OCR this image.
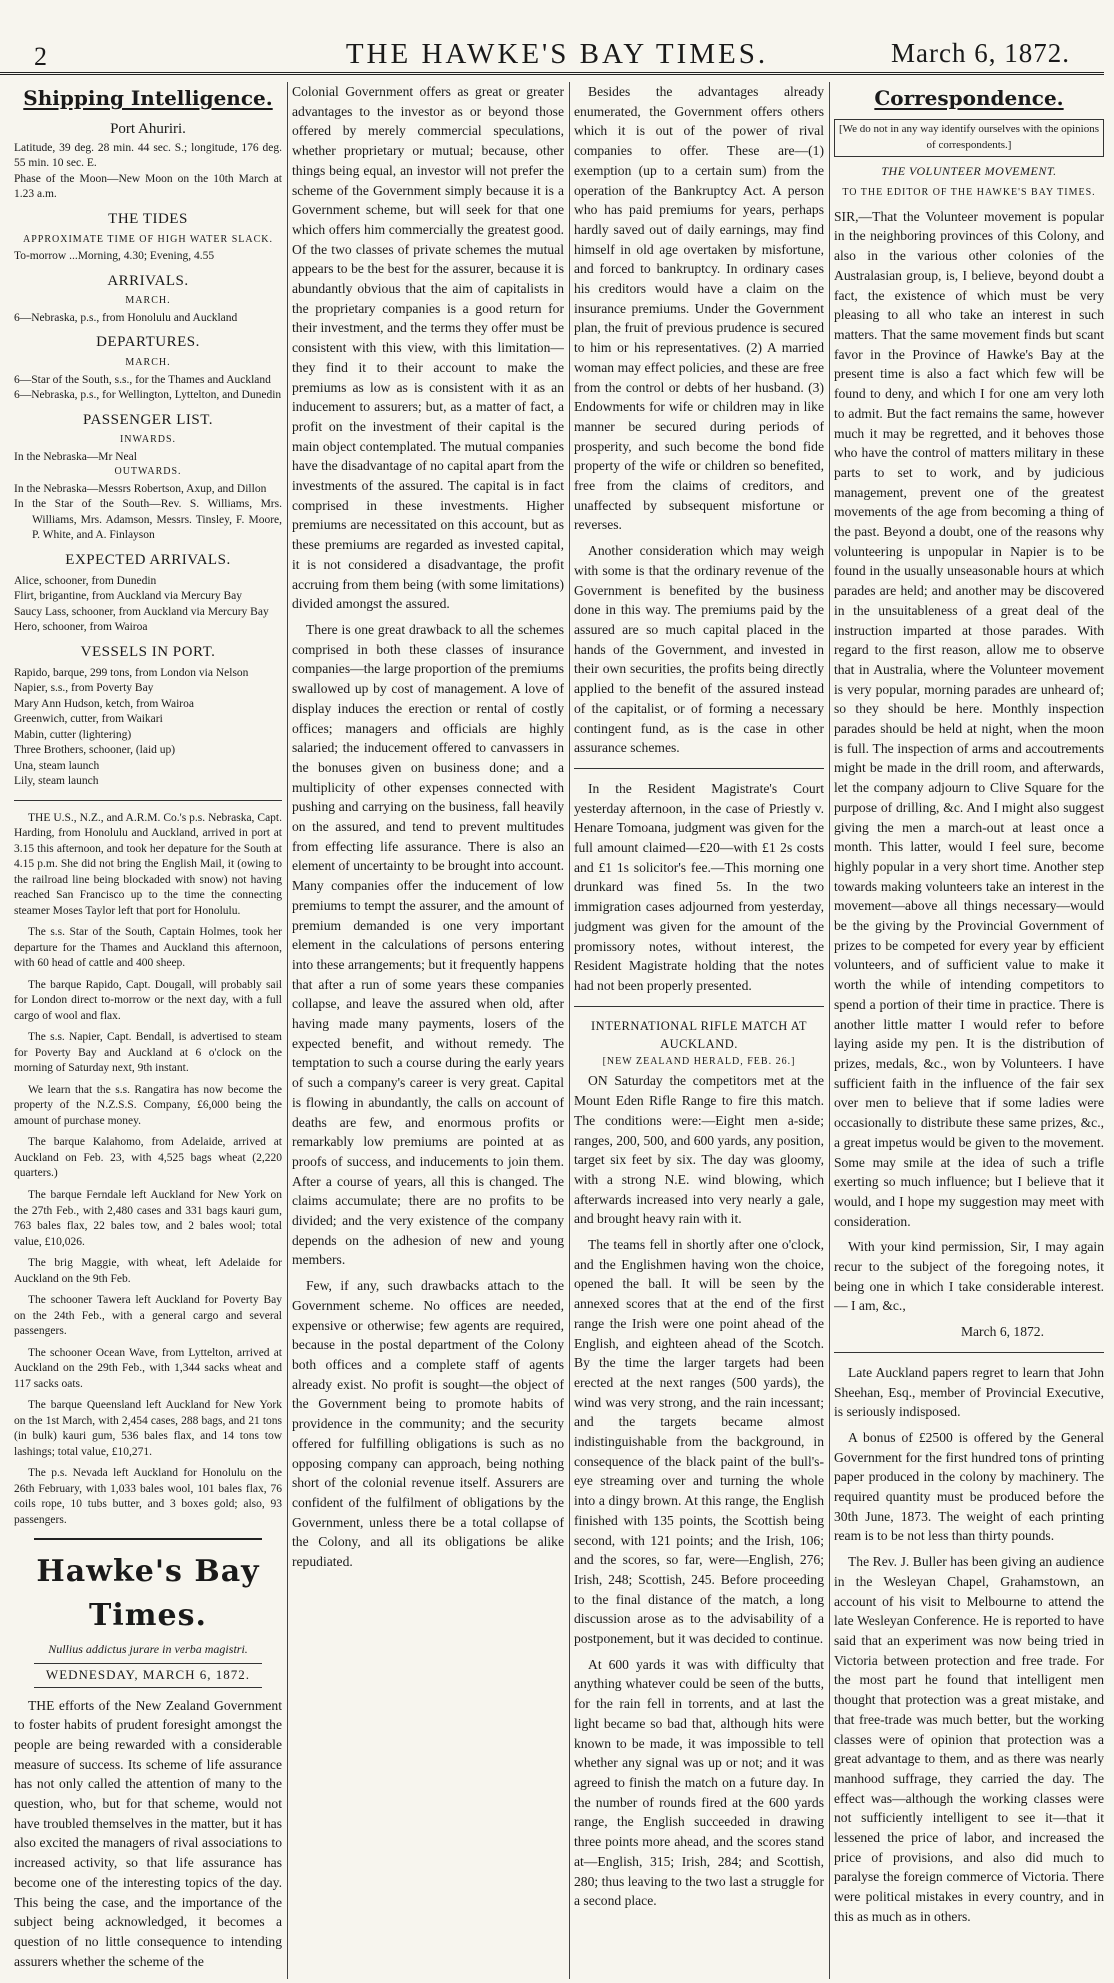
2	THE HAWKE'S BAY TIMES.	March 6, 1872.
Shipping Intelligence.
Port Ahuriri.
Latitude, 39 deg. 28 min. 44 sec. S.; longitude, 176 deg. 55 min. 10 sec. E.
Phase of the Moon—New Moon on the 10th March at 1.23 a.m.
THE TIDES
APPROXIMATE TIME OF HIGH WATER SLACK.
To-morrow ...Morning, 4.30; Evening, 4.55
ARRIVALS.
MARCH.
6—Nebraska, p.s., from Honolulu and Auckland
DEPARTURES.
MARCH.
6—Star of the South, s.s., for the Thames and Auckland
6—Nebraska, p.s., for Wellington, Lyttelton, and Dunedin
PASSENGER LIST.
INWARDS.
In the Nebraska—Mr Neal
OUTWARDS.
In the Nebraska—Messrs Robertson, Axup, and Dillon
In the Star of the South—Rev. S. Williams, Mrs. Williams, Mrs. Adamson, Messrs. Tinsley, F. Moore, P. White, and A. Finlayson
EXPECTED ARRIVALS.
Alice, schooner, from Dunedin
Flirt, brigantine, from Auckland via Mercury Bay
Saucy Lass, schooner, from Auckland via Mercury Bay
Hero, schooner, from Wairoa
VESSELS IN PORT.
Rapido, barque, 299 tons, from London via Nelson
Napier, s.s., from Poverty Bay
Mary Ann Hudson, ketch, from Wairoa
Greenwich, cutter, from Waikari
Mabin, cutter (lightering)
Three Brothers, schooner, (laid up)
Una, steam launch
Lily, steam launch

THE U.S., N.Z., and A.R.M. Co.'s p.s. Nebraska, Capt. Harding, from Honolulu and Auckland, arrived in port at 3.15 this afternoon, and took her depature for the South at 4.15 p.m. She did not bring the English Mail, it (owing to the railroad line being blockaded with snow) not having reached San Francisco up to the time the connecting steamer Moses Taylor left that port for Honolulu.

The s.s. Star of the South, Captain Holmes, took her departure for the Thames and Auckland this afternoon, with 60 head of cattle and 400 sheep.

The barque Rapido, Capt. Dougall, will probably sail for London direct to-morrow or the next day, with a full cargo of wool and flax.

The s.s. Napier, Capt. Bendall, is advertised to steam for Poverty Bay and Auckland at 6 o'clock on the morning of Saturday next, 9th instant.

We learn that the s.s. Rangatira has now become the property of the N.Z.S.S. Company, £6,000 being the amount of purchase money.

The barque Kalahomo, from Adelaide, arrived at Auckland on Feb. 23, with 4,525 bags wheat (2,220 quarters.)

The barque Ferndale left Auckland for New York on the 27th Feb., with 2,480 cases and 331 bags kauri gum, 763 bales flax, 22 bales tow, and 2 bales wool; total value, £10,026.

The brig Maggie, with wheat, left Adelaide for Auckland on the 9th Feb.

The schooner Tawera left Auckland for Poverty Bay on the 24th Feb., with a general cargo and several passengers.

The schooner Ocean Wave, from Lyttelton, arrived at Auckland on the 29th Feb., with 1,344 sacks wheat and 117 sacks oats.

The barque Queensland left Auckland for New York on the 1st March, with 2,454 cases, 288 bags, and 21 tons (in bulk) kauri gum, 536 bales flax, and 14 tons tow lashings; total value, £10,271.

The p.s. Nevada left Auckland for Honolulu on the 26th February, with 1,033 bales wool, 101 bales flax, 76 coils rope, 10 tubs butter, and 3 boxes gold; also, 93 passengers.

Hawke's Bay Times.
Nullius addictus jurare in verba magistri.
WEDNESDAY, MARCH 6, 1872.

THE efforts of the New Zealand Government to foster habits of prudent foresight amongst the people are being rewarded with a considerable measure of success. Its scheme of life assurance has not only called the attention of many to the question, who, but for that scheme, would not have troubled themselves in the matter, but it has also excited the managers of rival associations to increased activity, so that life assurance has become one of the interesting topics of the day. This being the case, and the importance of the subject being acknowledged, it becomes a question of no little consequence to intending assurers whether the scheme of the

Colonial Government offers as great or greater advantages to the investor as or beyond those offered by merely commercial speculations, whether proprietary or mutual; because, other things being equal, an investor will not prefer the scheme of the Government simply because it is a Government scheme, but will seek for that one which offers him commercially the greatest good. Of the two classes of private schemes the mutual appears to be the best for the assurer, because it is abundantly obvious that the aim of capitalists in the proprietary companies is a good return for their investment, and the terms they offer must be consistent with this view, with this limitation—they find it to their account to make the premiums as low as is consistent with it as an inducement to assurers; but, as a matter of fact, a profit on the investment of their capital is the main object contemplated. The mutual companies have the disadvantage of no capital apart from the investments of the assured. The capital is in fact comprised in these investments. Higher premiums are necessitated on this account, but as these premiums are regarded as invested capital, it is not considered a disadvantage, the profit accruing from them being (with some limitations) divided amongst the assured.

There is one great drawback to all the schemes comprised in both these classes of insurance companies—the large proportion of the premiums swallowed up by cost of management. A love of display induces the erection or rental of costly offices; managers and officials are highly salaried; the inducement offered to canvassers in the bonuses given on business done; and a multiplicity of other expenses connected with pushing and carrying on the business, fall heavily on the assured, and tend to prevent multitudes from effecting life assurance. There is also an element of uncertainty to be brought into account. Many companies offer the inducement of low premiums to tempt the assurer, and the amount of premium demanded is one very important element in the calculations of persons entering into these arrangements; but it frequently happens that after a run of some years these companies collapse, and leave the assured when old, after having made many payments, losers of the expected benefit, and without remedy. The temptation to such a course during the early years of such a company's career is very great. Capital is flowing in abundantly, the calls on account of deaths are few, and enormous profits or remarkably low premiums are pointed at as proofs of success, and inducements to join them. After a course of years, all this is changed. The claims accumulate; there are no profits to be divided; and the very existence of the company depends on the adhesion of new and young members.

Few, if any, such drawbacks attach to the Government scheme. No offices are needed, expensive or otherwise; few agents are required, because in the postal department of the Colony both offices and a complete staff of agents already exist. No profit is sought—the object of the Government being to promote habits of providence in the community; and the security offered for fulfilling obligations is such as no opposing company can approach, being nothing short of the colonial revenue itself. Assurers are confident of the fulfilment of obligations by the Government, unless there be a total collapse of the Colony, and all its obligations be alike repudiated.

Besides the advantages already enumerated, the Government offers others which it is out of the power of rival companies to offer. These are—(1) exemption (up to a certain sum) from the operation of the Bankruptcy Act. A person who has paid premiums for years, perhaps hardly saved out of daily earnings, may find himself in old age overtaken by misfortune, and forced to bankruptcy. In ordinary cases his creditors would have a claim on the insurance premiums. Under the Government plan, the fruit of previous prudence is secured to him or his representatives. (2) A married woman may effect policies, and these are free from the control or debts of her husband. (3) Endowments for wife or children may in like manner be secured during periods of prosperity, and such become the bond fide property of the wife or children so benefited, free from the claims of creditors, and unaffected by subsequent misfortune or reverses.

Another consideration which may weigh with some is that the ordinary revenue of the Government is benefited by the business done in this way. The premiums paid by the assured are so much capital placed in the hands of the Government, and invested in their own securities, the profits being directly applied to the benefit of the assured instead of the capitalist, or of forming a necessary contingent fund, as is the case in other assurance schemes.

In the Resident Magistrate's Court yesterday afternoon, in the case of Priestly v. Henare Tomoana, judgment was given for the full amount claimed—£20—with £1 2s costs and £1 1s solicitor's fee.—This morning one drunkard was fined 5s. In the two immigration cases adjourned from yesterday, judgment was given for the amount of the promissory notes, without interest, the Resident Magistrate holding that the notes had not been properly presented.

INTERNATIONAL RIFLE MATCH AT AUCKLAND.
[NEW ZEALAND HERALD, FEB. 26.]

ON Saturday the competitors met at the Mount Eden Rifle Range to fire this match. The conditions were:—Eight men a-side; ranges, 200, 500, and 600 yards, any position, target six feet by six. The day was gloomy, with a strong N.E. wind blowing, which afterwards increased into very nearly a gale, and brought heavy rain with it.

The teams fell in shortly after one o'clock, and the Englishmen having won the choice, opened the ball. It will be seen by the annexed scores that at the end of the first range the Irish were one point ahead of the English, and eighteen ahead of the Scotch. By the time the larger targets had been erected at the next ranges (500 yards), the wind was very strong, and the rain incessant; and the targets became almost indistinguishable from the background, in consequence of the black paint of the bull's-eye streaming over and turning the whole into a dingy brown. At this range, the English finished with 135 points, the Scottish being second, with 121 points; and the Irish, 106; and the scores, so far, were—English, 276; Irish, 248; Scottish, 245. Before proceeding to the final distance of the match, a long discussion arose as to the advisability of a postponement, but it was decided to continue.

At 600 yards it was with difficulty that anything whatever could be seen of the butts, for the rain fell in torrents, and at last the light became so bad that, although hits were known to be made, it was impossible to tell whether any signal was up or not; and it was agreed to finish the match on a future day. In the number of rounds fired at the 600 yards range, the English succeeded in drawing three points more ahead, and the scores stand at—English, 315; Irish, 284; and Scottish, 280; thus leaving to the two last a struggle for a second place.

Correspondence.
[We do not in any way identify ourselves with the opinions of correspondents.]
THE VOLUNTEER MOVEMENT.
TO THE EDITOR OF THE HAWKE'S BAY TIMES.

SIR,—That the Volunteer movement is popular in the neighboring provinces of this Colony, and also in the various other colonies of the Australasian group, is, I believe, beyond doubt a fact, the existence of which must be very pleasing to all who take an interest in such matters. That the same movement finds but scant favor in the Province of Hawke's Bay at the present time is also a fact which few will be found to deny, and which I for one am very loth to admit. But the fact remains the same, however much it may be regretted, and it behoves those who have the control of matters military in these parts to set to work, and by judicious management, prevent one of the greatest movements of the age from becoming a thing of the past. Beyond a doubt, one of the reasons why volunteering is unpopular in Napier is to be found in the usually unseasonable hours at which parades are held; and another may be discovered in the unsuitableness of a great deal of the instruction imparted at those parades. With regard to the first reason, allow me to observe that in Australia, where the Volunteer movement is very popular, morning parades are unheard of; so they should be here. Monthly inspection parades should be held at night, when the moon is full. The inspection of arms and accoutrements might be made in the drill room, and afterwards, let the company adjourn to Clive Square for the purpose of drilling, &c. And I might also suggest giving the men a march-out at least once a month. This latter, would I feel sure, become highly popular in a very short time. Another step towards making volunteers take an interest in the movement—above all things necessary—would be the giving by the Provincial Government of prizes to be competed for every year by efficient volunteers, and of sufficient value to make it worth the while of intending competitors to spend a portion of their time in practice. There is another little matter I would refer to before laying aside my pen. It is the distribution of prizes, medals, &c., won by Volunteers. I have sufficient faith in the influence of the fair sex over men to believe that if some ladies were occasionally to distribute these same prizes, &c., a great impetus would be given to the movement. Some may smile at the idea of such a trifle exerting so much influence; but I believe that it would, and I hope my suggestion may meet with consideration.

With your kind permission, Sir, I may again recur to the subject of the foregoing notes, it being one in which I take considerable interest.— I am, &c.,

March 6, 1872.

Late Auckland papers regret to learn that John Sheehan, Esq., member of Provincial Executive, is seriously indisposed.

A bonus of £2500 is offered by the General Government for the first hundred tons of printing paper produced in the colony by machinery. The required quantity must be produced before the 30th June, 1873. The weight of each printing ream is to be not less than thirty pounds.

The Rev. J. Buller has been giving an audience in the Wesleyan Chapel, Grahamstown, an account of his visit to Melbourne to attend the late Wesleyan Conference. He is reported to have said that an experiment was now being tried in Victoria between protection and free trade. For the most part he found that intelligent men thought that protection was a great mistake, and that free-trade was much better, but the working classes were of opinion that protection was a great advantage to them, and as there was nearly manhood suffrage, they carried the day. The effect was—although the working classes were not sufficiently intelligent to see it—that it lessened the price of labor, and increased the price of provisions, and also did much to paralyse the foreign commerce of Victoria. There were political mistakes in every country, and in this as much as in others.
